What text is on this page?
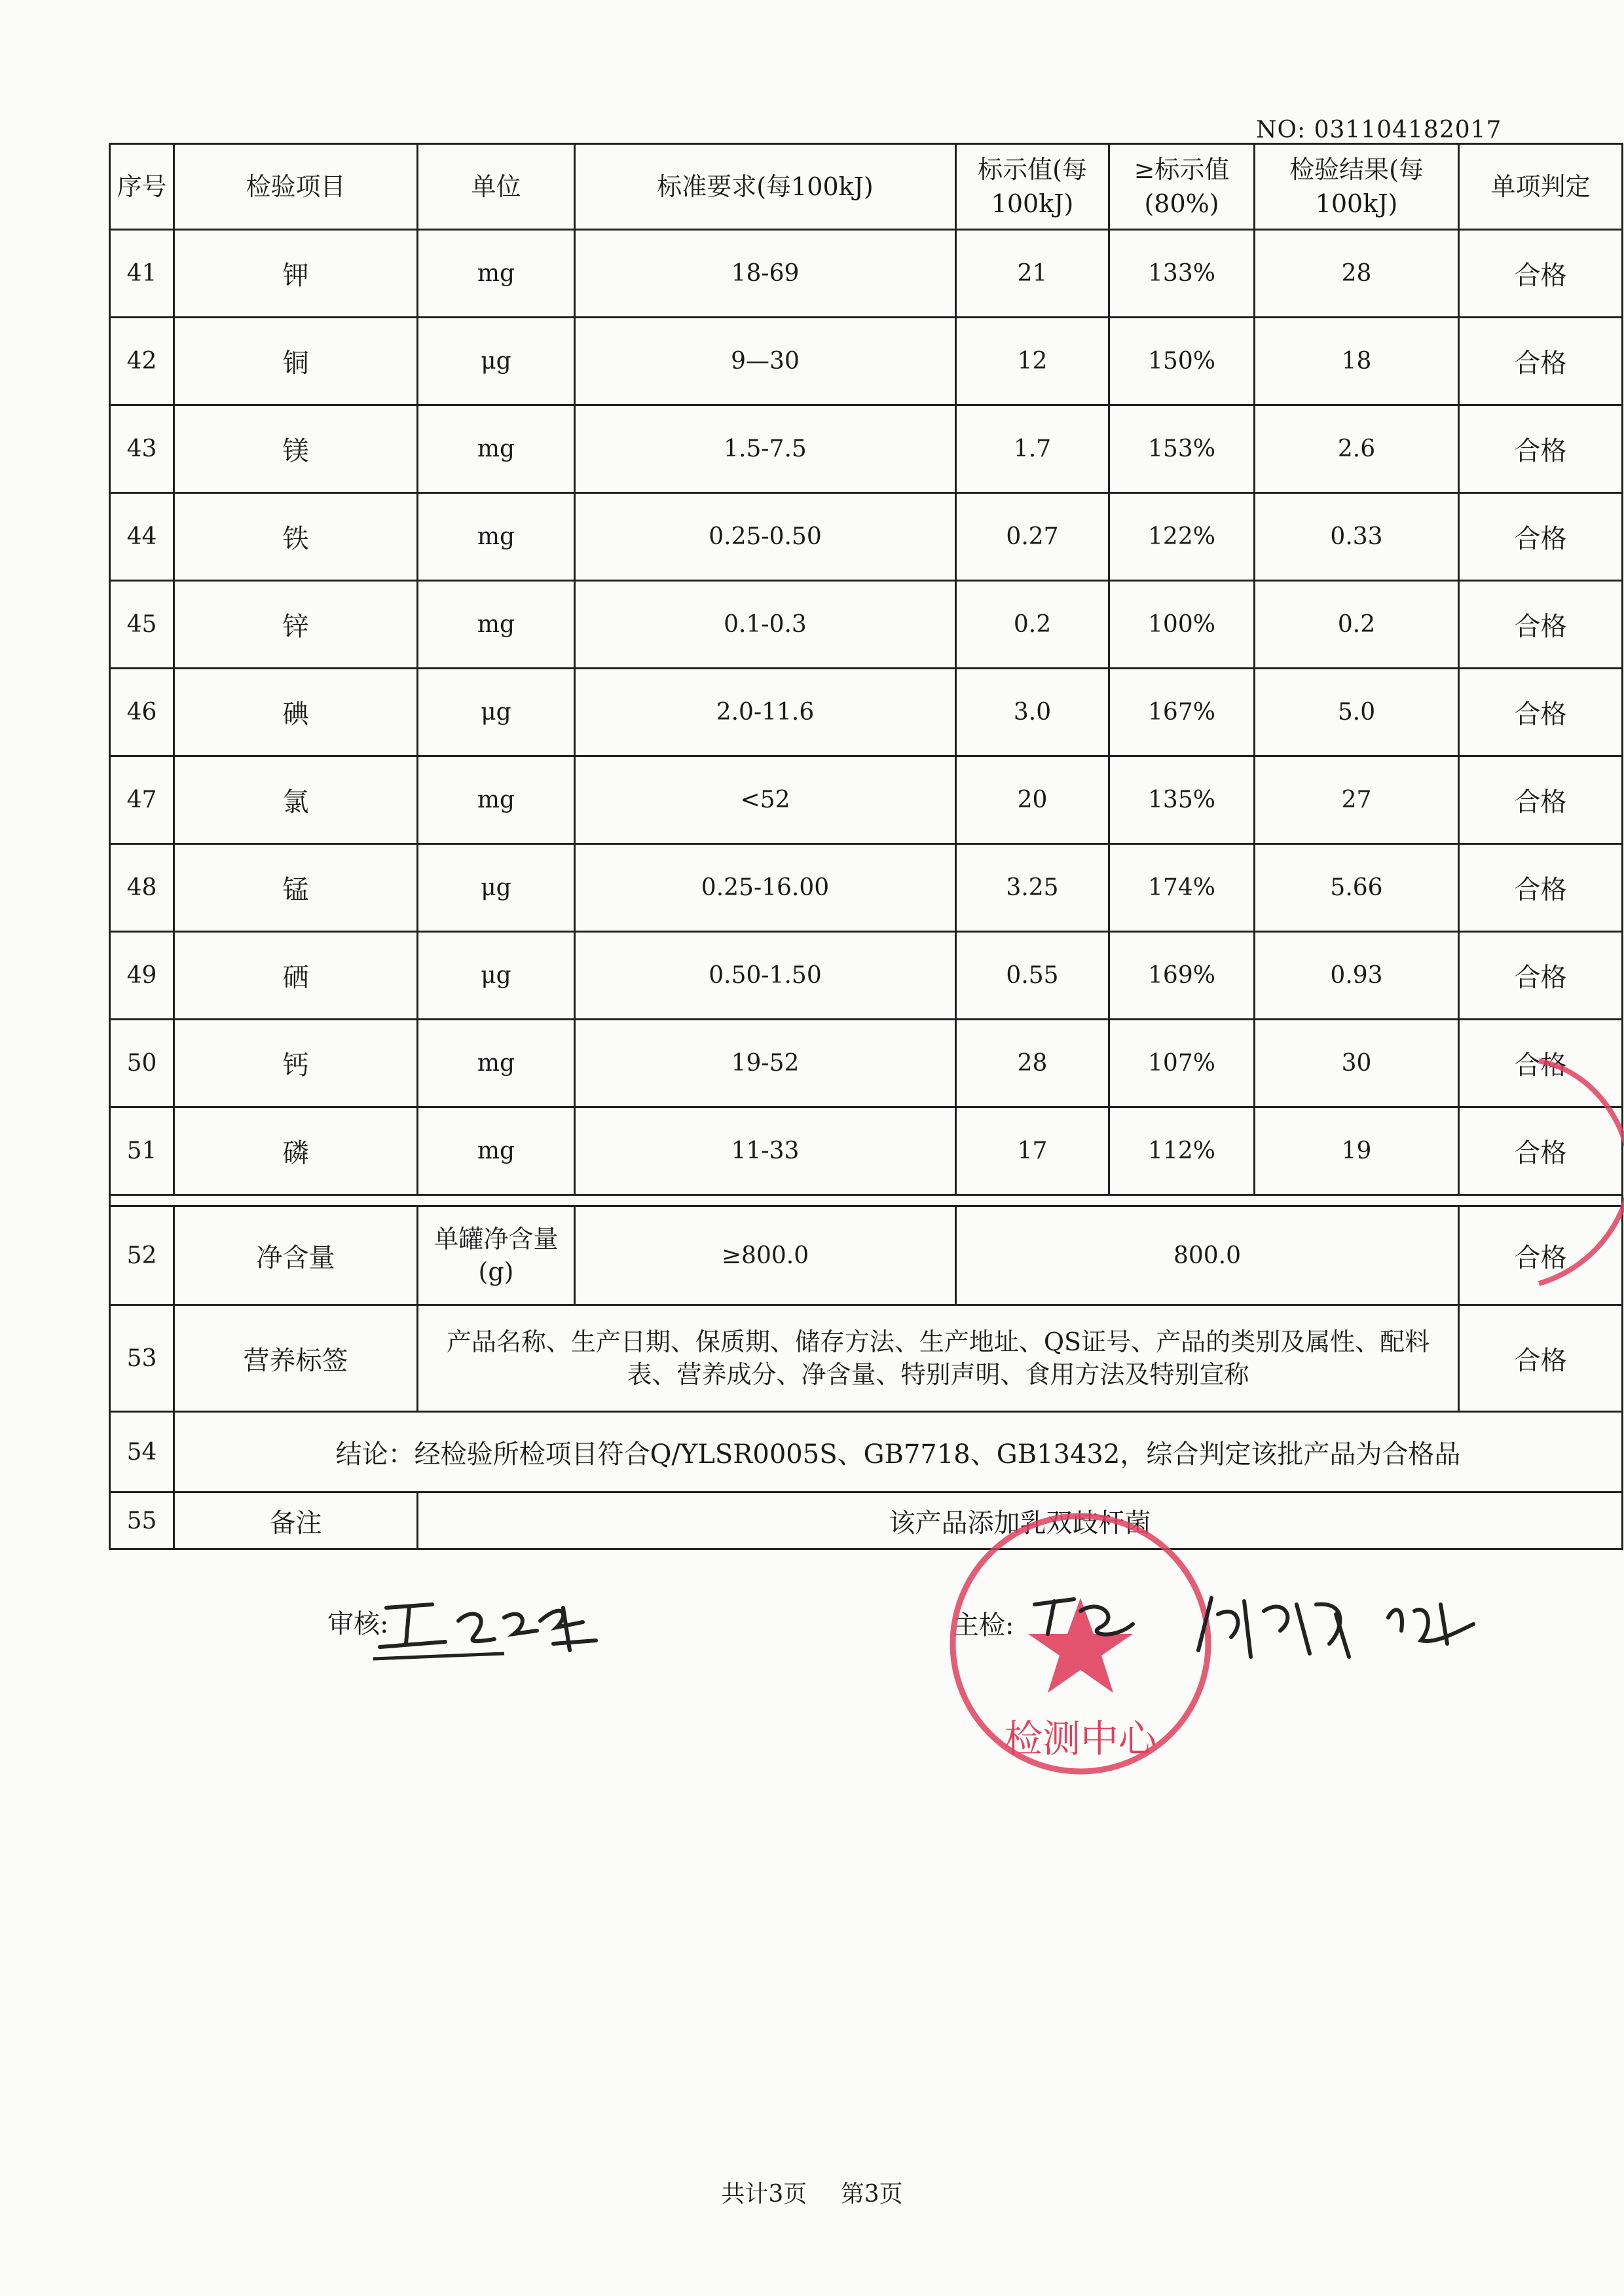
NO: 031104182017
序号	检验项目	单位	标准要求(每100kJ)	标示值(每100kJ)	≥标示值(80%)	检验结果(每100kJ)	单项判定
41	钾	mg	18-69	21	133%	28	合格
42	铜	μg	9—30	12	150%	18	合格
43	镁	mg	1.5-7.5	1.7	153%	2.6	合格
44	铁	mg	0.25-0.50	0.27	122%	0.33	合格
45	锌	mg	0.1-0.3	0.2	100%	0.2	合格
46	碘	μg	2.0-11.6	3.0	167%	5.0	合格
47	氯	mg	<52	20	135%	27	合格
48	锰	μg	0.25-16.00	3.25	174%	5.66	合格
49	硒	μg	0.50-1.50	0.55	169%	0.93	合格
50	钙	mg	19-52	28	107%	30	合格
51	磷	mg	11-33	17	112%	19	合格

52	净含量	单罐净含量(g)	≥800.0	800.0			合格
53	营养标签	产品名称、生产日期、保质期、储存方法、生产地址、QS证号、产品的类别及属性、配料表、营养成分、净含量、特别声明、食用方法及特别宣称					合格
54	结论：经检验所检项目符合Q/YLSR0005S、GB7718、GB13432，综合判定该批产品为合格品						
55	备注	该产品添加乳双歧杆菌					
审核:	主检:
检测中心
共计3页 第3页
